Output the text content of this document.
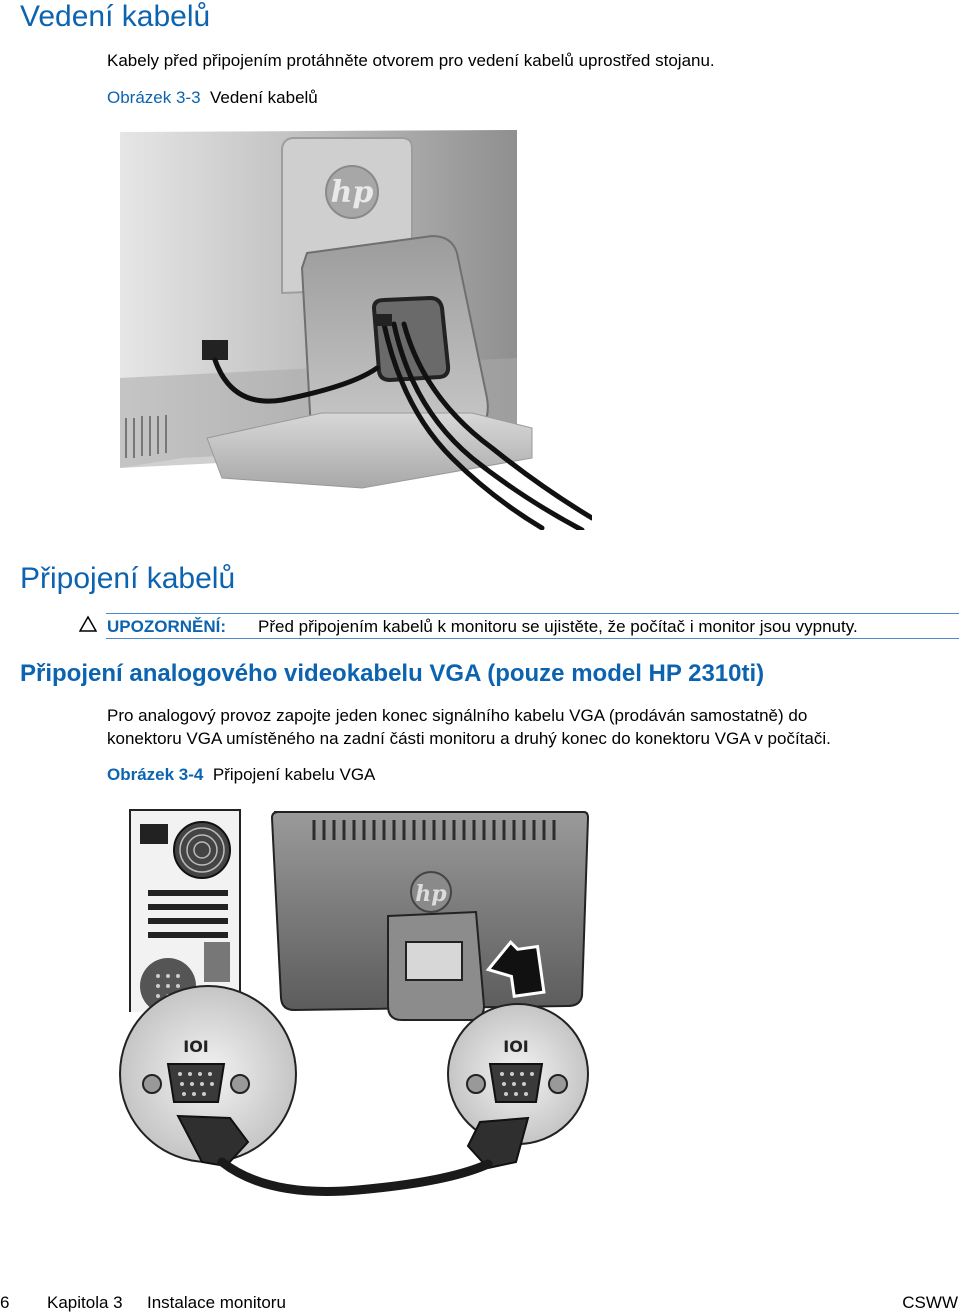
Vedení kabelů
Kabely před připojením protáhněte otvorem pro vedení kabelů uprostřed stojanu.
Obrázek 3-3 Vedení kabelů
hp
Připojení kabelů
UPOZORNĚNÍ: Před připojením kabelů k monitoru se ujistěte, že počítač i monitor jsou vypnuty.
Připojení analogového videokabelu VGA (pouze model HP 2310ti)
Pro analogový provoz zapojte jeden konec signálního kabelu VGA (prodáván samostatně) do
konektoru VGA umístěného na zadní části monitoru a druhý konec do konektoru VGA v počítači.
Obrázek 3-4 Připojení kabelu VGA
hp
IOI	IOI
6 Kapitola 3 Instalace monitoru	CSWW
